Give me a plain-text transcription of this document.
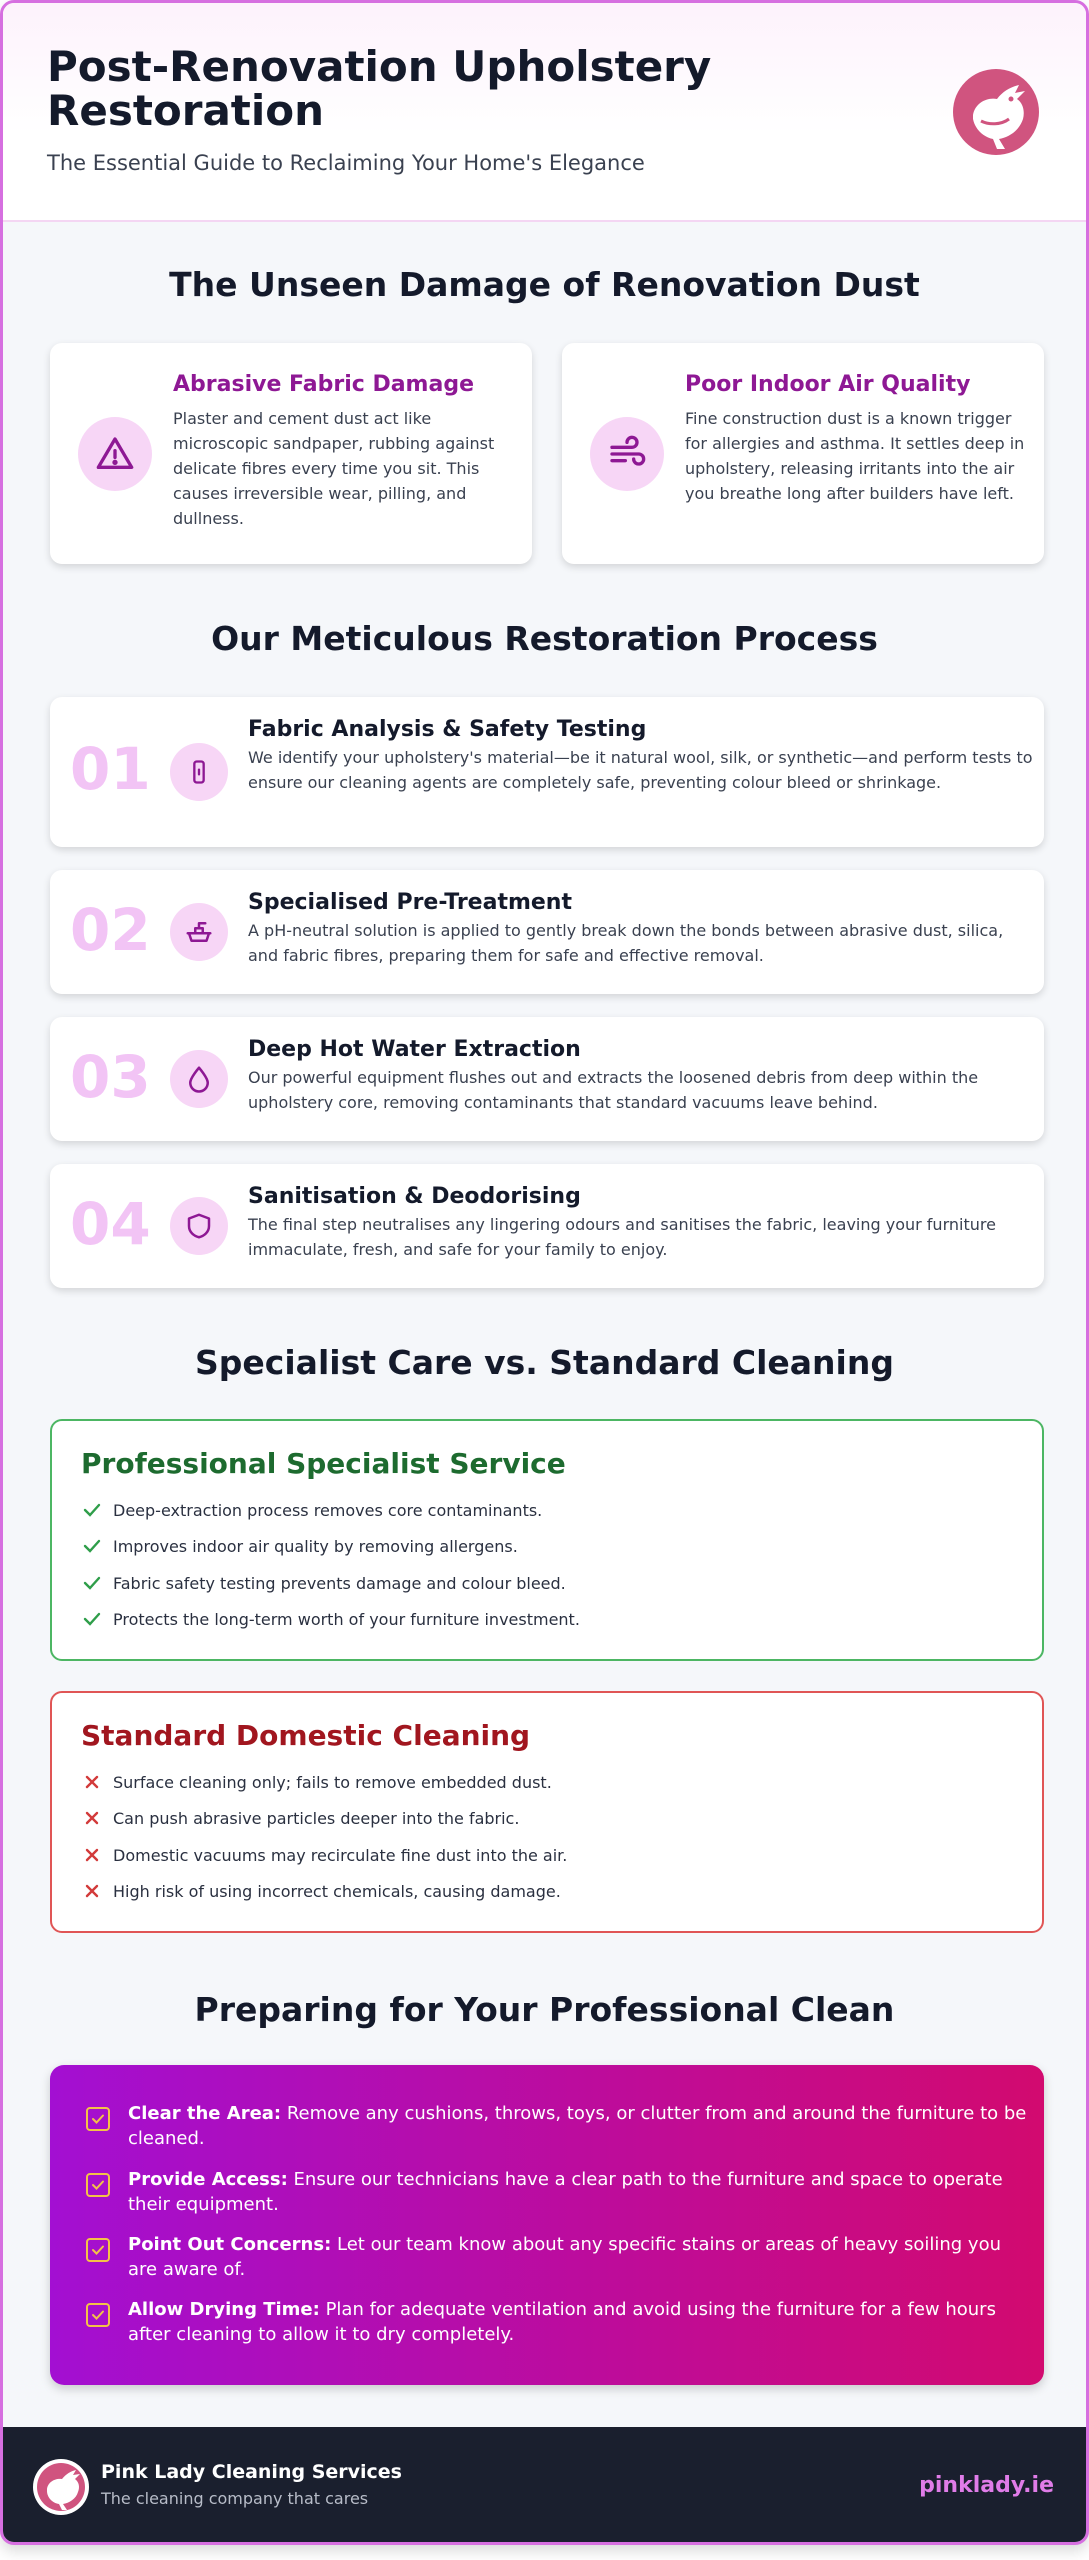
Post-Renovation Upholstery Restoration
The Essential Guide to Reclaiming Your Home's Elegance
The Unseen Damage of Renovation Dust
Abrasive Fabric Damage
Plaster and cement dust act like microscopic sandpaper, rubbing against delicate fibres every time you sit. This causes irreversible wear, pilling, and dullness.
Poor Indoor Air Quality
Fine construction dust is a known trigger for allergies and asthma. It settles deep in upholstery, releasing irritants into the air you breathe long after builders have left.
Our Meticulous Restoration Process
01
Fabric Analysis & Safety Testing
We identify your upholstery's material—be it natural wool, silk, or synthetic—and perform tests to ensure our cleaning agents are completely safe, preventing colour bleed or shrinkage.
02	Specialised Pre-Treatment
A pH-neutral solution is applied to gently break down the bonds between abrasive dust, silica, and fabric fibres, preparing them for safe and effective removal.
03	Deep Hot Water Extraction
Our powerful equipment flushes out and extracts the loosened debris from deep within the upholstery core, removing contaminants that standard vacuums leave behind.
04	Sanitisation & Deodorising
The final step neutralises any lingering odours and sanitises the fabric, leaving your furniture immaculate, fresh, and safe for your family to enjoy.
Specialist Care vs. Standard Cleaning
Professional Specialist Service
Deep-extraction process removes core contaminants.
Improves indoor air quality by removing allergens.
Fabric safety testing prevents damage and colour bleed.
Protects the long-term worth of your furniture investment.
Standard Domestic Cleaning
Surface cleaning only; fails to remove embedded dust.
Can push abrasive particles deeper into the fabric.
Domestic vacuums may recirculate fine dust into the air.
High risk of using incorrect chemicals, causing damage.
Preparing for Your Professional Clean
Clear the Area: Remove any cushions, throws, toys, or clutter from and around the furniture to be cleaned.
Provide Access: Ensure our technicians have a clear path to the furniture and space to operate their equipment.
Point Out Concerns: Let our team know about any specific stains or areas of heavy soiling you are aware of.
Allow Drying Time: Plan for adequate ventilation and avoid using the furniture for a few hours after cleaning to allow it to dry completely.
Pink Lady Cleaning Services
The cleaning company that cares
pinklady.ie
